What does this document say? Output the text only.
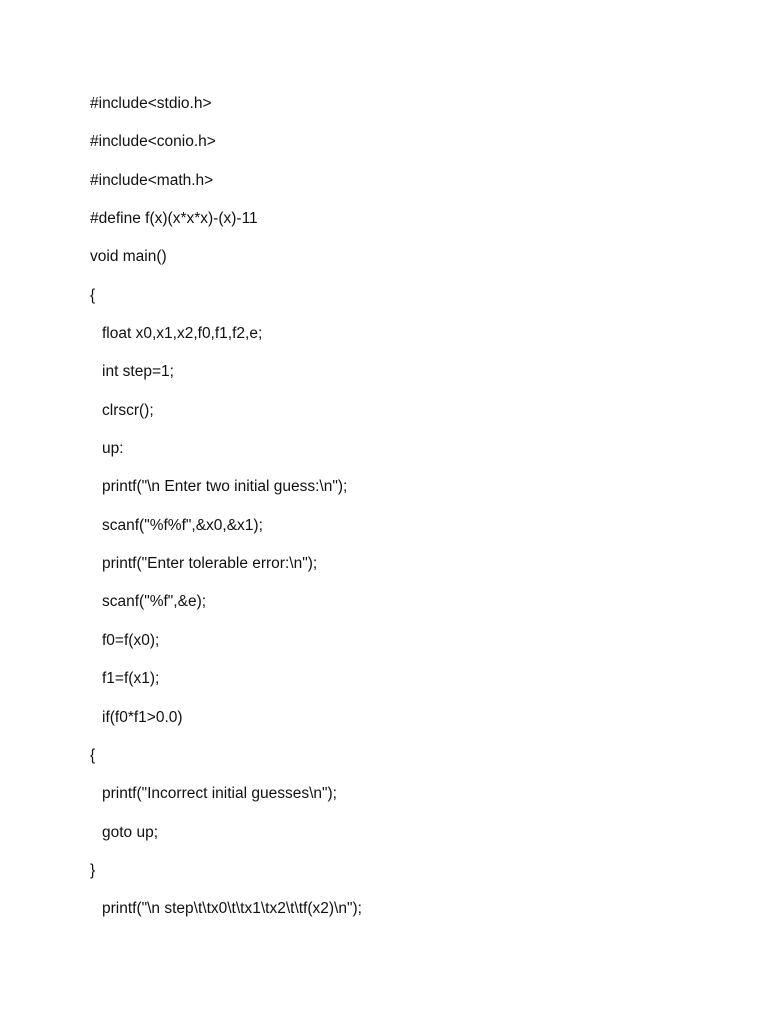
#include<stdio.h>
#include<conio.h>
#include<math.h>
#define f(x)(x*x*x)-(x)-11
void main()
{
float x0,x1,x2,f0,f1,f2,e;
int step=1;
clrscr();
up:
printf("\n Enter two initial guess:\n");
scanf("%f%f",&x0,&x1);
printf("Enter tolerable error:\n");
scanf("%f",&e);
f0=f(x0);
f1=f(x1);
if(f0*f1>0.0)
{
printf("Incorrect initial guesses\n");
goto up;
}
printf("\n step\t\tx0\t\tx1\tx2\t\tf(x2)\n");
